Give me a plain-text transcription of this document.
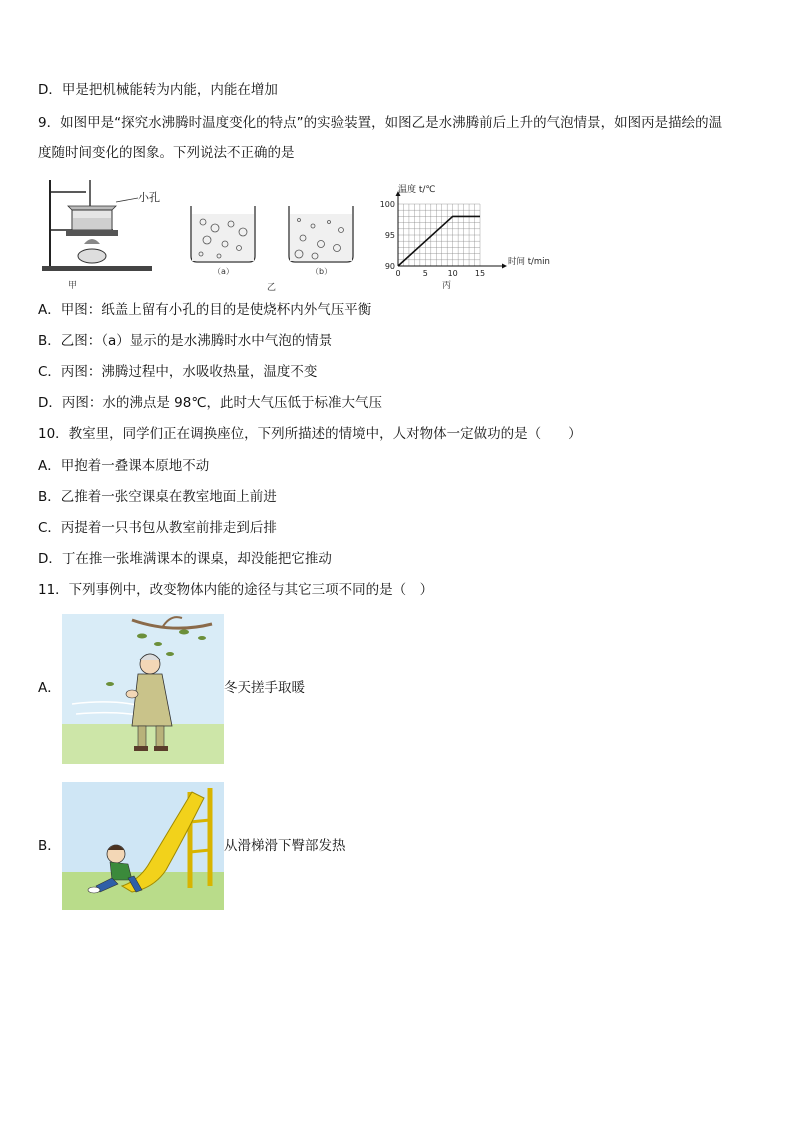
D．甲是把机械能转为内能，内能在增加
9．如图甲是“探究水沸腾时温度变化的特点”的实验装置，如图乙是水沸腾前后上升的气泡情景，如图丙是描绘的温
度随时间变化的图象。下列说法不正确的是
小孔
甲
（a）	（b）
乙
0	5 10 15
90
95
100
温度 t/℃
时间 t/min
丙
A．甲图：纸盖上留有小孔的目的是使烧杯内外气压平衡
B．乙图：（a）显示的是水沸腾时水中气泡的情景
C．丙图：沸腾过程中，水吸收热量，温度不变
D．丙图：水的沸点是 98℃，此时大气压低于标准大气压
10．教室里，同学们正在调换座位，下列所描述的情境中，人对物体一定做功的是（　　）
A．甲抱着一叠课本原地不动
B．乙推着一张空课桌在教室地面上前进
C．丙提着一只书包从教室前排走到后排
D．丁在推一张堆满课本的课桌，却没能把它推动
11．下列事例中，改变物体内能的途径与其它三项不同的是（　）
A．	冬天搓手取暖
B．	从滑梯滑下臀部发热
